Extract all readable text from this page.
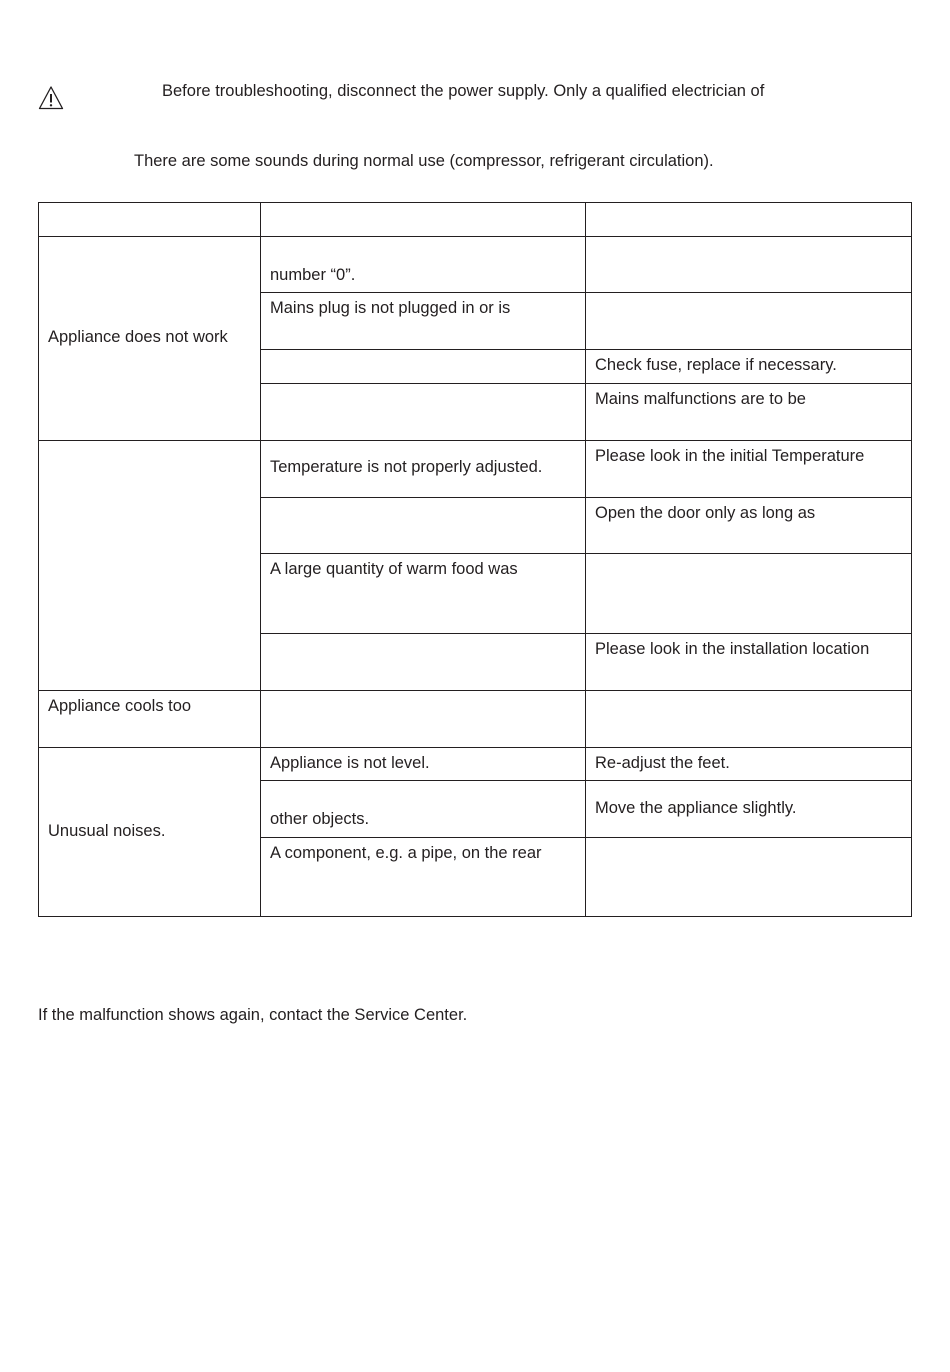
Before troubleshooting, disconnect the power supply. Only a qualified electrician of
There are some sounds during normal use (compressor, refrigerant circulation).
Appliance does not work
number “0”.
Mains plug is not plugged in or is
Check fuse, replace if necessary.
Mains malfunctions are to be
Temperature is not properly adjusted.
Please look in the initial Temperature
Open the door only as long as
A large quantity of warm food was
Please look in the installation location
Appliance cools too
Unusual noises.
Appliance is not level.	Re-adjust the feet.
other objects.
Move the appliance slightly.
A component, e.g. a pipe, on the rear
If the malfunction shows again, contact the Service Center.
